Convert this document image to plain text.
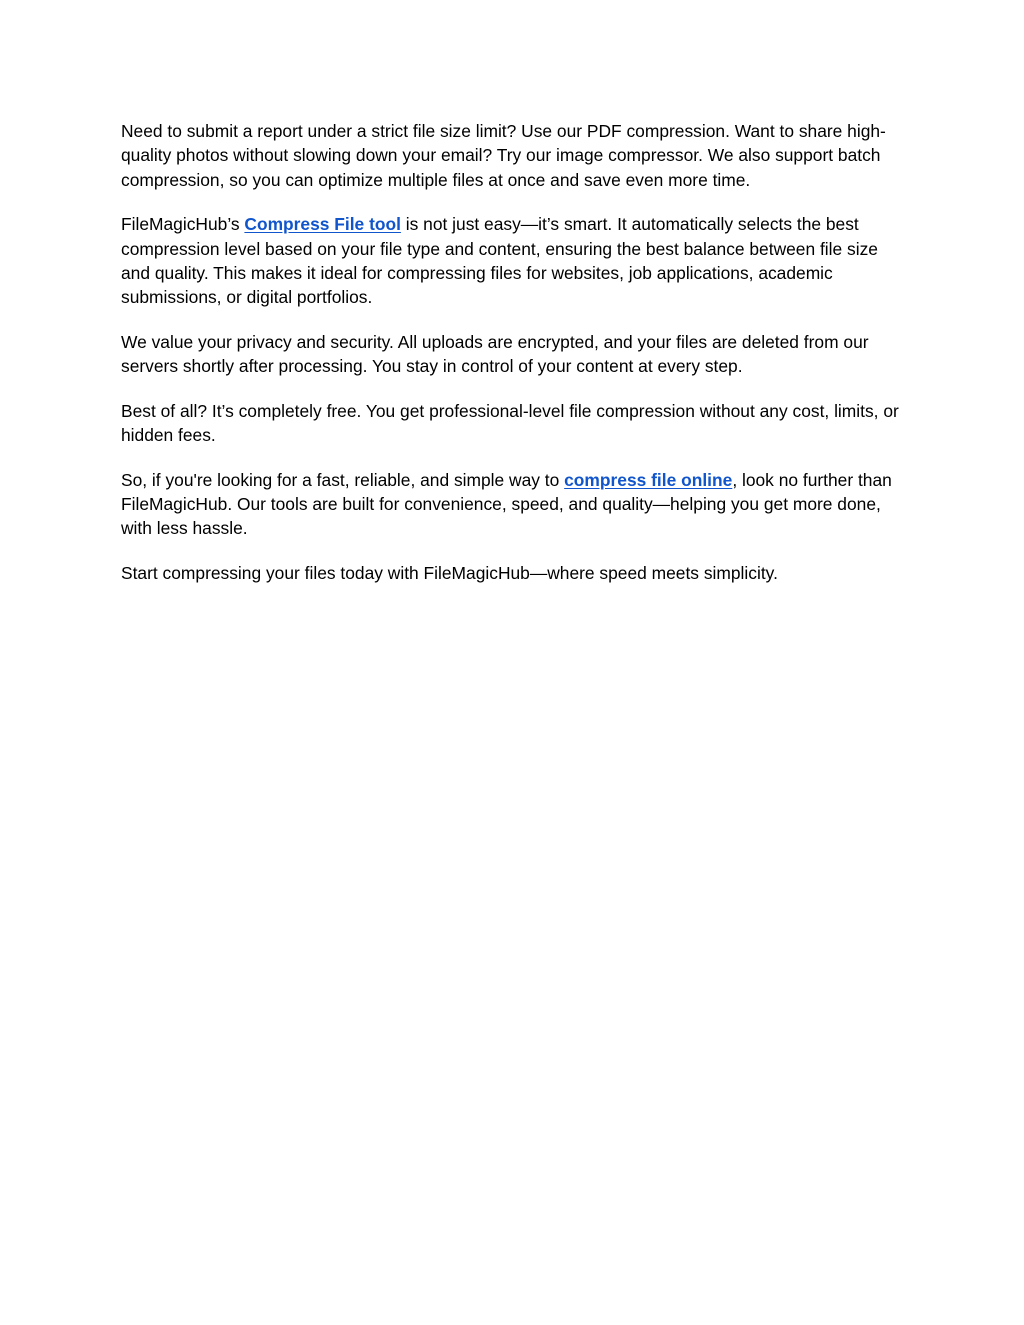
Need to submit a report under a strict file size limit? Use our PDF compression. Want to share high-quality photos without slowing down your email? Try our image compressor. We also support batch compression, so you can optimize multiple files at once and save even more time.

FileMagicHub’s Compress File tool is not just easy—it’s smart. It automatically selects the best compression level based on your file type and content, ensuring the best balance between file size and quality. This makes it ideal for compressing files for websites, job applications, academic submissions, or digital portfolios.

We value your privacy and security. All uploads are encrypted, and your files are deleted from our servers shortly after processing. You stay in control of your content at every step.

Best of all? It’s completely free. You get professional-level file compression without any cost, limits, or hidden fees.

So, if you're looking for a fast, reliable, and simple way to compress file online, look no further than FileMagicHub. Our tools are built for convenience, speed, and quality—helping you get more done, with less hassle.

Start compressing your files today with FileMagicHub—where speed meets simplicity.
